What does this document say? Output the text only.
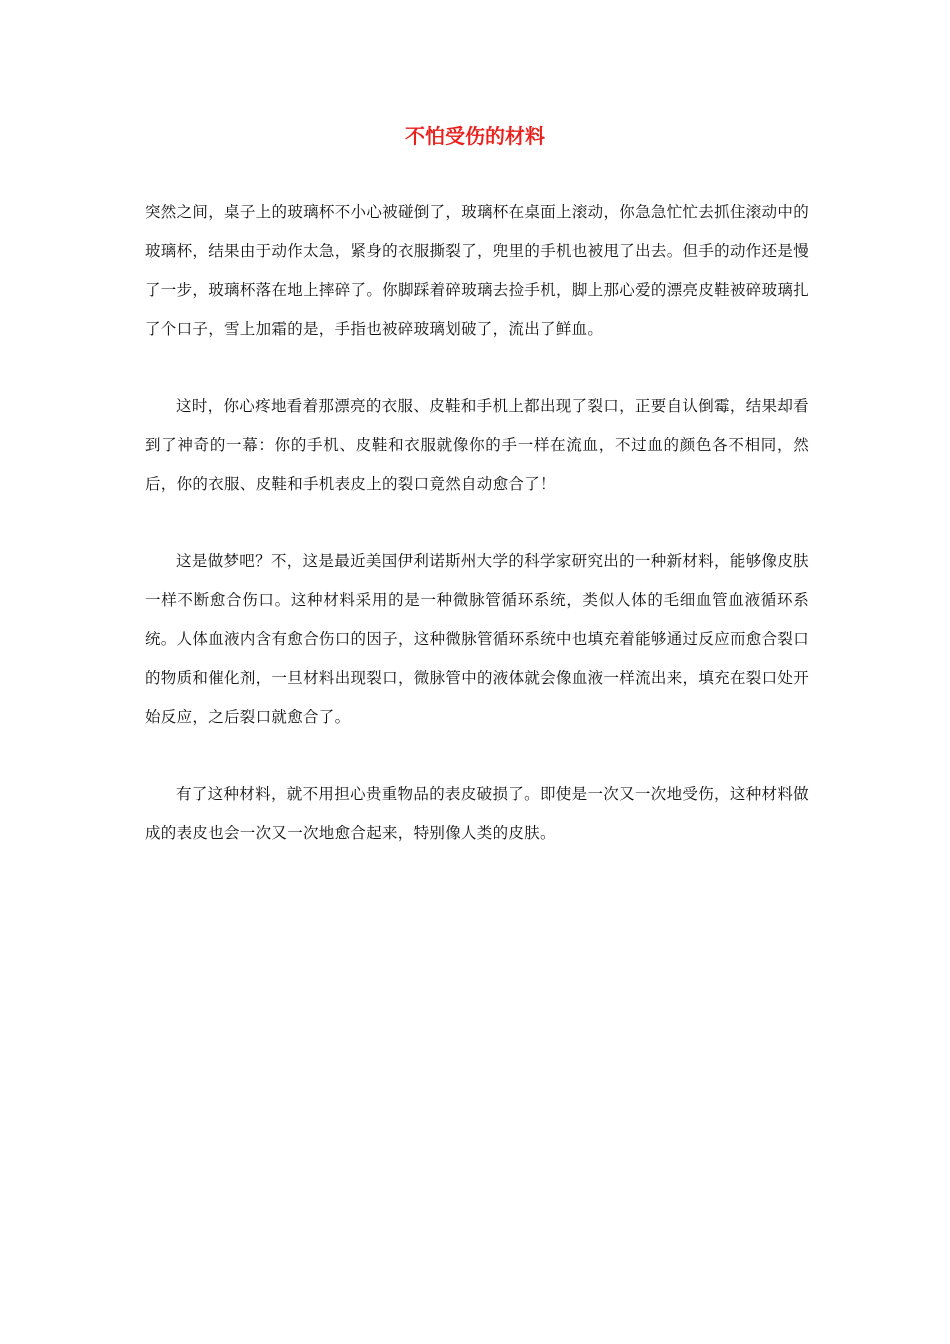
不怕受伤的材料

突然之间，桌子上的玻璃杯不小心被碰倒了，玻璃杯在桌面上滚动，你急急忙忙去抓住滚动中的玻璃杯，结果由于动作太急，紧身的衣服撕裂了，兜里的手机也被甩了出去。但手的动作还是慢了一步，玻璃杯落在地上摔碎了。你脚踩着碎玻璃去捡手机，脚上那心爱的漂亮皮鞋被碎玻璃扎了个口子，雪上加霜的是，手指也被碎玻璃划破了，流出了鲜血。

这时，你心疼地看着那漂亮的衣服、皮鞋和手机上都出现了裂口，正要自认倒霉，结果却看到了神奇的一幕：你的手机、皮鞋和衣服就像你的手一样在流血，不过血的颜色各不相同，然后，你的衣服、皮鞋和手机表皮上的裂口竟然自动愈合了！

这是做梦吧？不，这是最近美国伊利诺斯州大学的科学家研究出的一种新材料，能够像皮肤一样不断愈合伤口。这种材料采用的是一种微脉管循环系统，类似人体的毛细血管血液循环系统。人体血液内含有愈合伤口的因子，这种微脉管循环系统中也填充着能够通过反应而愈合裂口的物质和催化剂，一旦材料出现裂口，微脉管中的液体就会像血液一样流出来，填充在裂口处开始反应，之后裂口就愈合了。

有了这种材料，就不用担心贵重物品的表皮破损了。即使是一次又一次地受伤，这种材料做成的表皮也会一次又一次地愈合起来，特别像人类的皮肤。
